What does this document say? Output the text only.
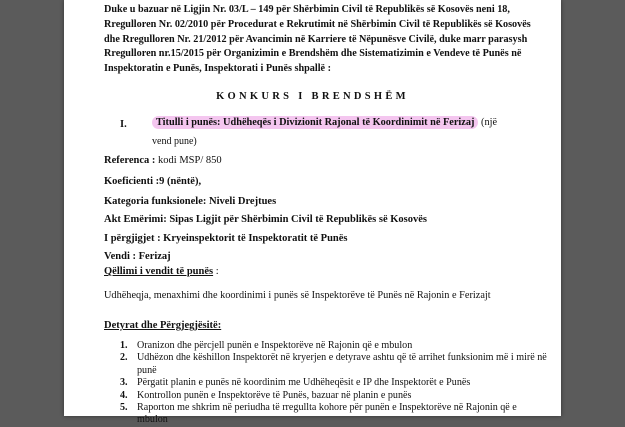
Duke u bazuar në Ligjin Nr. 03/L – 149 për Shërbimin Civil të Republikës së Kosovës neni 18, Rregulloren Nr. 02/2010 për Procedurat e Rekrutimit në Shërbimin Civil të Republikës së Kosovës dhe Rregulloren Nr. 21/2012 për Avancimin në Karriere të Nëpunësve Civilë, duke marr parasysh Rregulloren nr.15/2015 për Organizimin e Brendshëm dhe Sistematizimin e Vendeve të Punës në Inspektoratin e Punës, Inspektorati i Punës shpallë :
KONKURS I BRENDSHËM
I.	Titulli i punës: Udhëheqës i Divizionit Rajonal të Koordinimit në Ferizaj (një
vend pune)
Referenca : kodi MSP/ 850
Koeficienti :9 (nëntë),
Kategoria funksionele: Niveli Drejtues
Akt Emërimi: Sipas Ligjit për Shërbimin Civil të Republikës së Kosovës
I përgjigjet : Kryeinspektorit të Inspektoratit të Punës
Vendi : Ferizaj
Qëllimi i vendit të punës :
Udhëheqja, menaxhimi dhe koordinimi i punës së Inspektorëve të Punës në Rajonin e Ferizajt
Detyrat dhe Përgjegjësitë:
1. Oranizon dhe përcjell punën e Inspektorëve në Rajonin që e mbulon
2. Udhëzon dhe këshillon Inspektorët në kryerjen e detyrave ashtu që të arrihet funksionim më i mirë në punë
3. Përgatit planin e punës në koordinim me Udhëheqësit e IP dhe Inspektorët e Punës
4. Kontrollon punën e Inspektorëve të Punës, bazuar në planin e punës
5. Raporton me shkrim në periudha të rregullta kohore për punën e Inspektorëve në Rajonin që e mbulon
